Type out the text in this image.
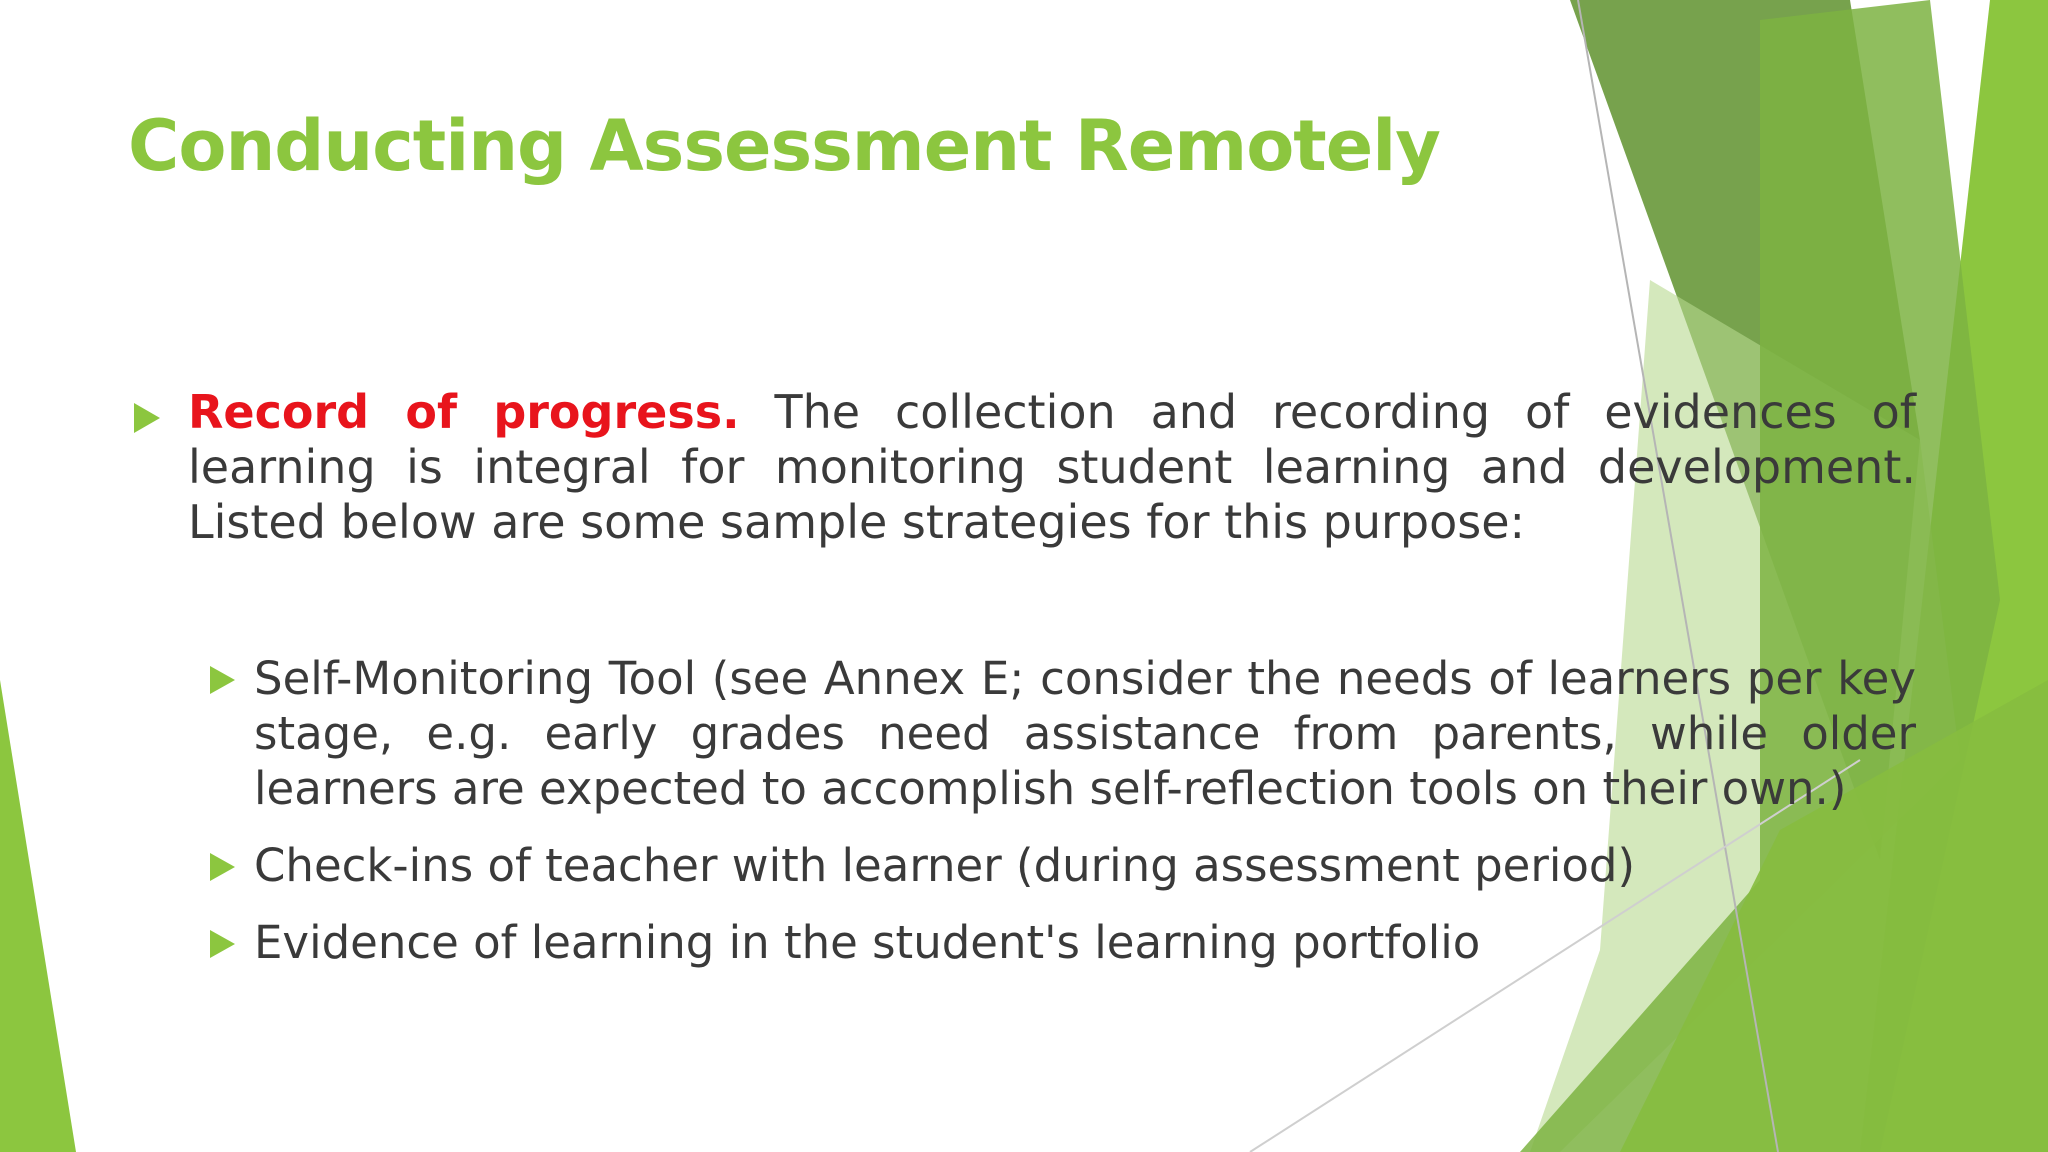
Conducting Assessment Remotely
Record of progress. The collection and recording of evidences of learning is integral for monitoring student learning and development. Listed below are some sample strategies for this purpose:
Self-Monitoring Tool (see Annex E; consider the needs of learners per key stage, e.g. early grades need assistance from parents, while older learners are expected to accomplish self-reflection tools on their own.)
Check-ins of teacher with learner (during assessment period)
Evidence of learning in the student's learning portfolio
